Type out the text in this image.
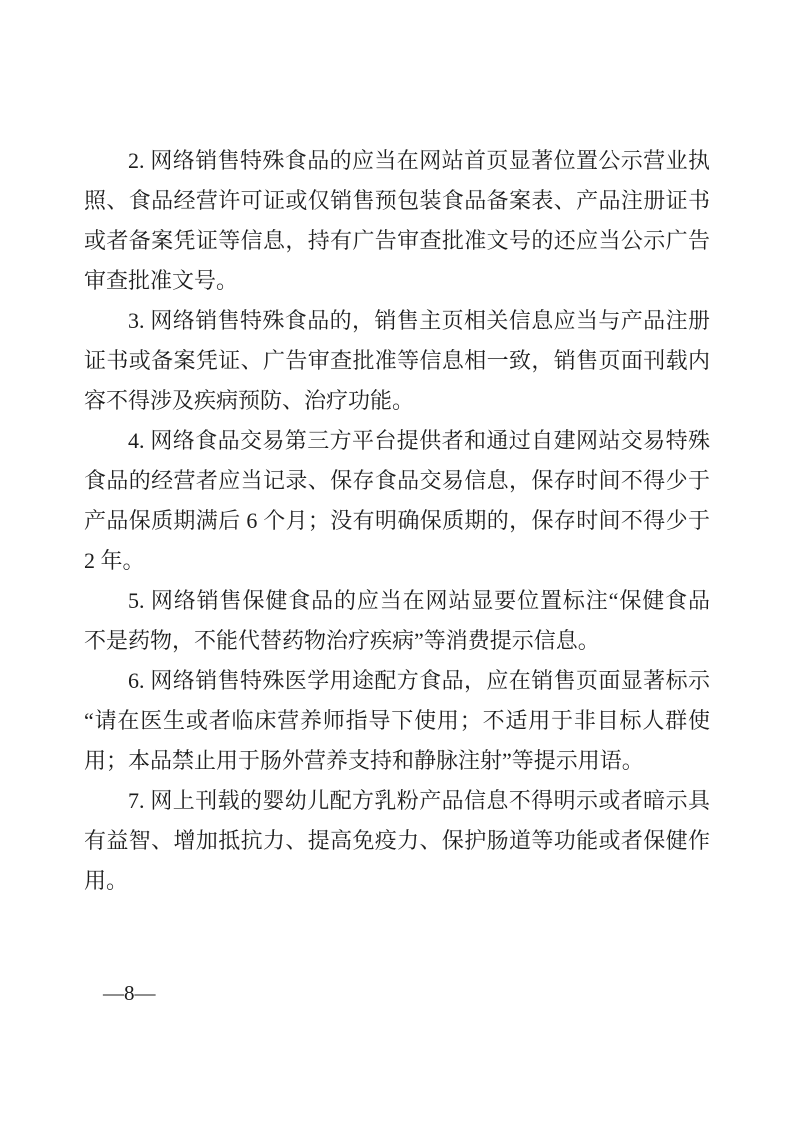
2. 网络销售特殊食品的应当在网站首页显著位置公示营业执

照、食品经营许可证或仅销售预包装食品备案表、产品注册证书

或者备案凭证等信息，持有广告审查批准文号的还应当公示广告

审查批准文号。

3. 网络销售特殊食品的，销售主页相关信息应当与产品注册

证书或备案凭证、广告审查批准等信息相一致，销售页面刊载内

容不得涉及疾病预防、治疗功能。

4. 网络食品交易第三方平台提供者和通过自建网站交易特殊

食品的经营者应当记录、保存食品交易信息，保存时间不得少于

产品保质期满后 6 个月；没有明确保质期的，保存时间不得少于

2 年。

5. 网络销售保健食品的应当在网站显要位置标注“保健食品

不是药物，不能代替药物治疗疾病”等消费提示信息。

6. 网络销售特殊医学用途配方食品，应在销售页面显著标示

“请在医生或者临床营养师指导下使用；不适用于非目标人群使

用；本品禁止用于肠外营养支持和静脉注射”等提示用语。

7. 网上刊载的婴幼儿配方乳粉产品信息不得明示或者暗示具

有益智、增加抵抗力、提高免疫力、保护肠道等功能或者保健作

用。

—8—
